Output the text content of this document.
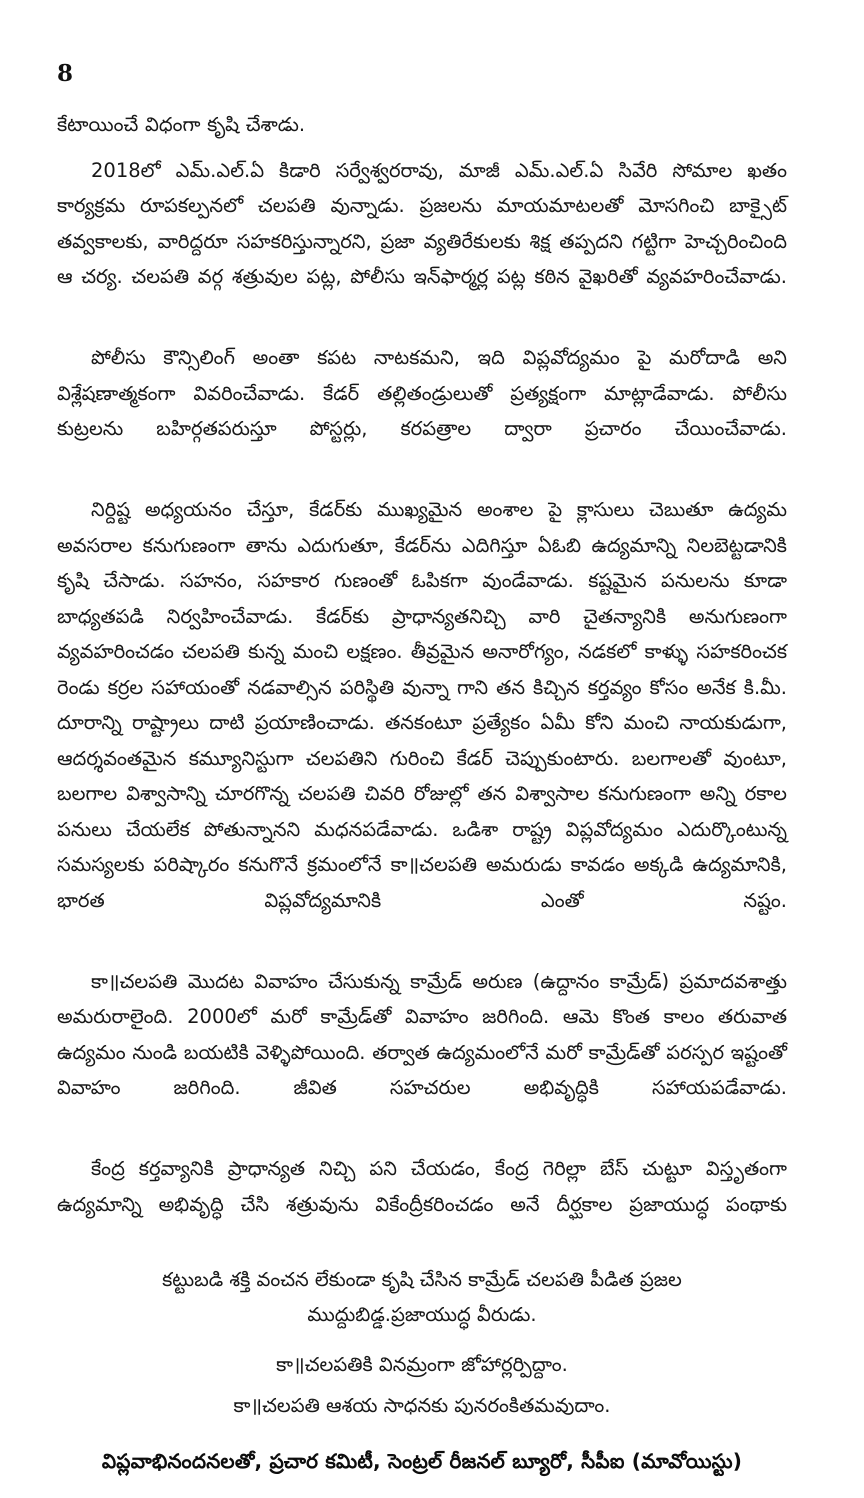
8

కేటాయించే విధంగా కృషి చేశాడు.

2018లో ఎమ్.ఎల్.ఏ కిడారి సర్వేశ్వరరావు, మాజీ ఎమ్.ఎల్.ఏ సివేరి సోమాల ఖతం కార్యక్రమ రూపకల్పనలో చలపతి వున్నాడు. ప్రజలను మాయమాటలతో మోసగించి బాక్సైట్ తవ్వకాలకు, వారిద్దరూ సహకరిస్తున్నారని, ప్రజా వ్యతిరేకులకు శిక్ష తప్పదని గట్టిగా హెచ్చరించింది ఆ చర్య. చలపతి వర్గ శత్రువుల పట్ల, పోలీసు ఇన్‌ఫార్మర్ల పట్ల కఠిన వైఖరితో వ్యవహరించేవాడు.

పోలీసు కౌన్సిలింగ్ అంతా కపట నాటకమని, ఇది విప్లవోద్యమం పై మరోదాడి అని విశ్లేషణాత్మకంగా వివరించేవాడు. కేడర్ తల్లితండ్రులుతో ప్రత్యక్షంగా మాట్లాడేవాడు. పోలీసు కుట్రలను బహిర్గతపరుస్తూ పోస్టర్లు, కరపత్రాల ద్వారా ప్రచారం చేయించేవాడు.

నిర్దిష్ట అధ్యయనం చేస్తూ, కేడర్‌కు ముఖ్యమైన అంశాల పై క్లాసులు చెబుతూ ఉద్యమ అవసరాల కనుగుణంగా తాను ఎదుగుతూ, కేడర్‌ను ఎదిగిస్తూ ఏఓబి ఉద్యమాన్ని నిలబెట్టడానికి కృషి చేసాడు. సహనం, సహకార గుణంతో ఓపికగా వుండేవాడు. కష్టమైన పనులను కూడా బాధ్యతపడి నిర్వహించేవాడు. కేడర్‌కు ప్రాధాన్యతనిచ్చి వారి చైతన్యానికి అనుగుణంగా వ్యవహరించడం చలపతి కున్న మంచి లక్షణం. తీవ్రమైన అనారోగ్యం, నడకలో కాళ్ళు సహకరించక రెండు కర్రల సహాయంతో నడవాల్సిన పరిస్థితి వున్నా గాని తన కిచ్చిన కర్తవ్యం కోసం అనేక కి.మీ. దూరాన్ని రాష్ట్రాలు దాటి ప్రయాణించాడు. తనకంటూ ప్రత్యేకం ఏమీ కోని మంచి నాయకుడుగా, ఆదర్శవంతమైన కమ్యూనిస్టుగా చలపతిని గురించి కేడర్ చెప్పుకుంటారు. బలగాలతో వుంటూ, బలగాల విశ్వాసాన్ని చూరగొన్న చలపతి చివరి రోజుల్లో తన విశ్వాసాల కనుగుణంగా అన్ని రకాల పనులు చేయలేక పోతున్నానని మధనపడేవాడు. ఒడిశా రాష్ట్ర విప్లవోద్యమం ఎదుర్కొంటున్న సమస్యలకు పరిష్కారం కనుగొనే క్రమంలోనే కా॥చలపతి అమరుడు కావడం అక్కడి ఉద్యమానికి, భారత విప్లవోద్యమానికి ఎంతో నష్టం.

కా॥చలపతి మొదట వివాహం చేసుకున్న కామ్రేడ్ అరుణ (ఉద్దానం కామ్రేడ్) ప్రమాదవశాత్తు అమరురాలైంది. 2000లో మరో కామ్రేడ్‌తో వివాహం జరిగింది. ఆమె కొంత కాలం తరువాత ఉద్యమం నుండి బయటికి వెళ్ళిపోయింది. తర్వాత ఉద్యమంలోనే మరో కామ్రేడ్‌తో పరస్పర ఇష్టంతో వివాహం జరిగింది. జీవిత సహచరుల అభివృద్ధికి సహాయపడేవాడు.

కేంద్ర కర్తవ్యానికి ప్రాధాన్యత నిచ్చి పని చేయడం, కేంద్ర గెరిల్లా బేస్ చుట్టూ విస్తృతంగా ఉద్యమాన్ని అభివృద్ధి చేసి శత్రువును వికేంద్రీకరించడం అనే దీర్ఘకాల ప్రజాయుద్ధ పంథాకు

కట్టుబడి శక్తి వంచన లేకుండా కృషి చేసిన కామ్రేడ్ చలపతి పీడిత ప్రజల

ముద్దుబిడ్డ.ప్రజాయుద్ధ వీరుడు.

కా॥చలపతికి వినమ్రంగా జోహార్లర్పిద్దాం.

కా॥చలపతి ఆశయ సాధనకు పునరంకితమవుదాం.

విప్లవాభినందనలతో, ప్రచార కమిటీ, సెంట్రల్ రీజనల్ బ్యూరో, సీపీఐ (మావోయిస్టు)
